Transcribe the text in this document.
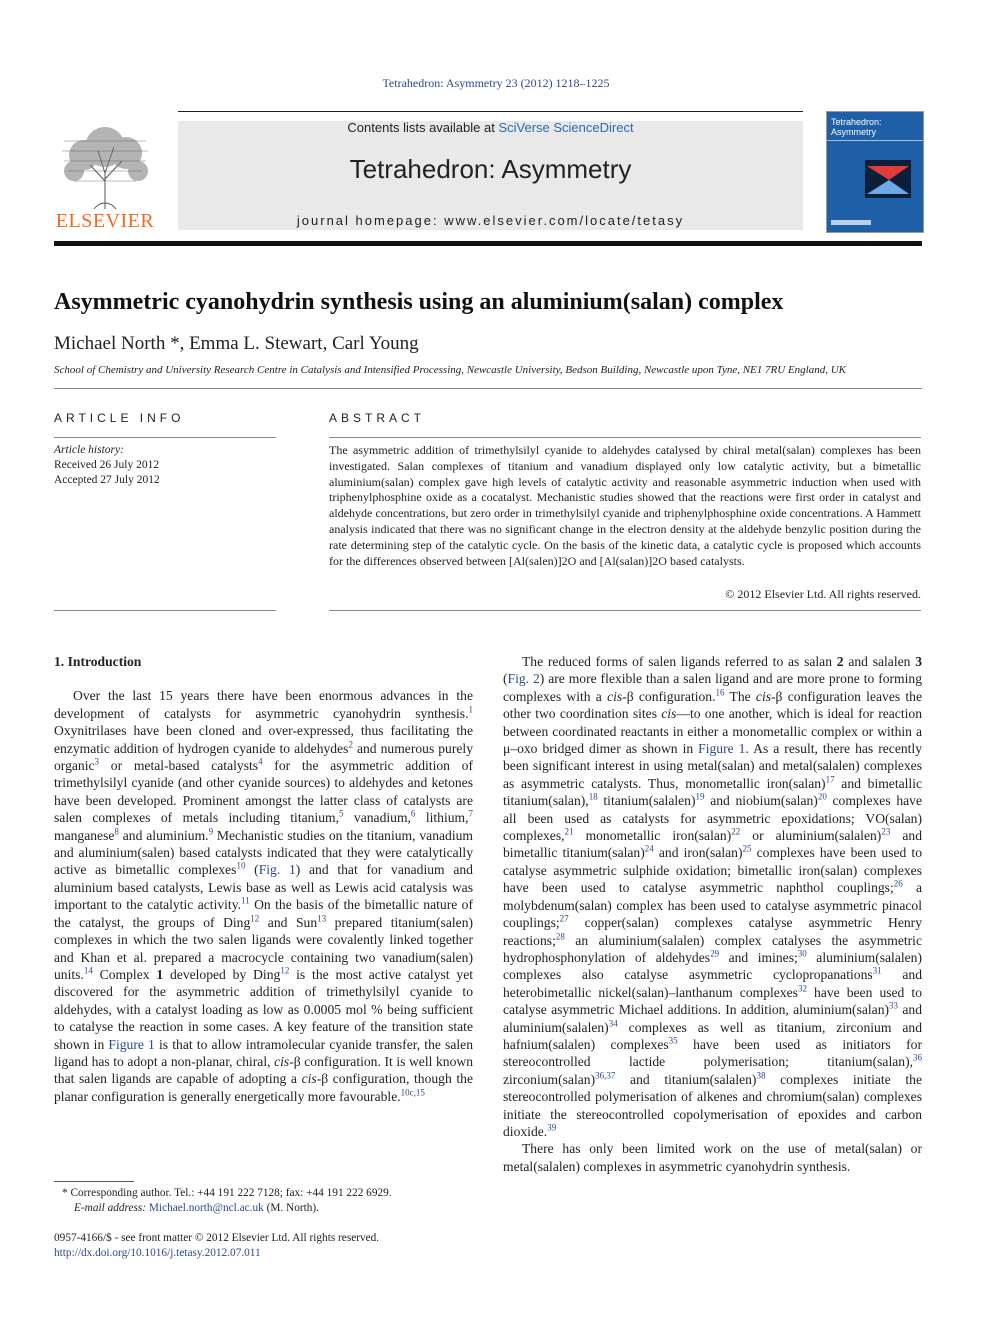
Tetrahedron: Asymmetry 23 (2012) 1218–1225
ELSEVIER
Contents lists available at SciVerse ScienceDirect
Tetrahedron: Asymmetry
journal homepage: www.elsevier.com/locate/tetasy
Tetrahedron: Asymmetry
Asymmetric cyanohydrin synthesis using an aluminium(salan) complex
Michael North *, Emma L. Stewart, Carl Young
School of Chemistry and University Research Centre in Catalysis and Intensified Processing, Newcastle University, Bedson Building, Newcastle upon Tyne, NE1 7RU England, UK
ARTICLE INFO
Article history:
Received 26 July 2012
Accepted 27 July 2012
ABSTRACT
The asymmetric addition of trimethylsilyl cyanide to aldehydes catalysed by chiral metal(salan) complexes has been investigated. Salan complexes of titanium and vanadium displayed only low catalytic activity, but a bimetallic aluminium(salan) complex gave high levels of catalytic activity and reasonable asymmetric induction when used with triphenylphosphine oxide as a cocatalyst. Mechanistic studies showed that the reactions were first order in catalyst and aldehyde concentrations, but zero order in trimethylsilyl cyanide and triphenylphosphine oxide concentrations. A Hammett analysis indicated that there was no significant change in the electron density at the aldehyde benzylic position during the rate determining step of the catalytic cycle. On the basis of the kinetic data, a catalytic cycle is proposed which accounts for the differences observed between [Al(salen)]2O and [Al(salan)]2O based catalysts.
© 2012 Elsevier Ltd. All rights reserved.

1. Introduction

Over the last 15 years there have been enormous advances in the development of catalysts for asymmetric cyanohydrin synthesis.$^1$ Oxynitrilases have been cloned and over-expressed, thus facilitating the enzymatic addition of hydrogen cyanide to aldehydes$^2$ and numerous purely organic$^3$ or metal-based catalysts$^4$ for the asymmetric addition of trimethylsilyl cyanide (and other cyanide sources) to aldehydes and ketones have been developed. Prominent amongst the latter class of catalysts are salen complexes of metals including titanium,$^5$ vanadium,$^6$ lithium,$^7$ manganese$^8$ and aluminium.$^9$ Mechanistic studies on the titanium, vanadium and aluminium(salen) based catalysts indicated that they were catalytically active as bimetallic complexes$^{10}$ (Fig. 1) and that for vanadium and aluminium based catalysts, Lewis base as well as Lewis acid catalysis was important to the catalytic activity.$^{11}$ On the basis of the bimetallic nature of the catalyst, the groups of Ding$^{12}$ and Sun$^{13}$ prepared titanium(salen) complexes in which the two salen ligands were covalently linked together and Khan et al. prepared a macrocycle containing two vanadium(salen) units.$^{14}$ Complex 1 developed by Ding$^{12}$ is the most active catalyst yet discovered for the asymmetric addition of trimethylsilyl cyanide to aldehydes, with a catalyst loading as low as 0.0005 mol % being sufficient to catalyse the reaction in some cases. A key feature of the transition state shown in Figure 1 is that to allow intramolecular cyanide transfer, the salen ligand has to adopt a non-planar, chiral, cis-β configuration. It is well known that salen ligands are capable of adopting a cis-β configuration, though the planar configuration is generally energetically more favourable.$^{10c,15}$

The reduced forms of salen ligands referred to as salan 2 and salalen 3 (Fig. 2) are more flexible than a salen ligand and are more prone to forming complexes with a cis-β configuration.$^{16}$ The cis-β configuration leaves the other two coordination sites cis—to one another, which is ideal for reaction between coordinated reactants in either a monometallic complex or within a μ–oxo bridged dimer as shown in Figure 1. As a result, there has recently been significant interest in using metal(salan) and metal(salalen) complexes as asymmetric catalysts. Thus, monometallic iron(salan)$^{17}$ and bimetallic titanium(salan),$^{18}$ titanium(salalen)$^{19}$ and niobium(salan)$^{20}$ complexes have all been used as catalysts for asymmetric epoxidations; VO(salan) complexes,$^{21}$ monometallic iron(salan)$^{22}$ or aluminium(salalen)$^{23}$ and bimetallic titanium(salan)$^{24}$ and iron(salan)$^{25}$ complexes have been used to catalyse asymmetric sulphide oxidation; bimetallic iron(salan) complexes have been used to catalyse asymmetric naphthol couplings;$^{26}$ a molybdenum(salan) complex has been used to catalyse asymmetric pinacol couplings;$^{27}$ copper(salan) complexes catalyse asymmetric Henry reactions;$^{28}$ an aluminium(salalen) complex catalyses the asymmetric hydrophosphonylation of aldehydes$^{29}$ and imines;$^{30}$ aluminium(salalen) complexes also catalyse asymmetric cyclopropanations$^{31}$ and heterobimetallic nickel(salan)–lanthanum complexes$^{32}$ have been used to catalyse asymmetric Michael additions. In addition, aluminium(salan)$^{33}$ and aluminium(salalen)$^{34}$ complexes as well as titanium, zirconium and hafnium(salalen) complexes$^{35}$ have been used as initiators for stereocontrolled lactide polymerisation; titanium(salan),$^{36}$ zirconium(salan)$^{36,37}$ and titanium(salalen)$^{38}$ complexes initiate the stereocontrolled polymerisation of alkenes and chromium(salan) complexes initiate the stereocontrolled copolymerisation of epoxides and carbon dioxide.$^{39}$

There has only been limited work on the use of metal(salan) or metal(salalen) complexes in asymmetric cyanohydrin synthesis.

* Corresponding author. Tel.: +44 191 222 7128; fax: +44 191 222 6929.
E-mail address: Michael.north@ncl.ac.uk (M. North).
0957-4166/$ - see front matter © 2012 Elsevier Ltd. All rights reserved.
http://dx.doi.org/10.1016/j.tetasy.2012.07.011
